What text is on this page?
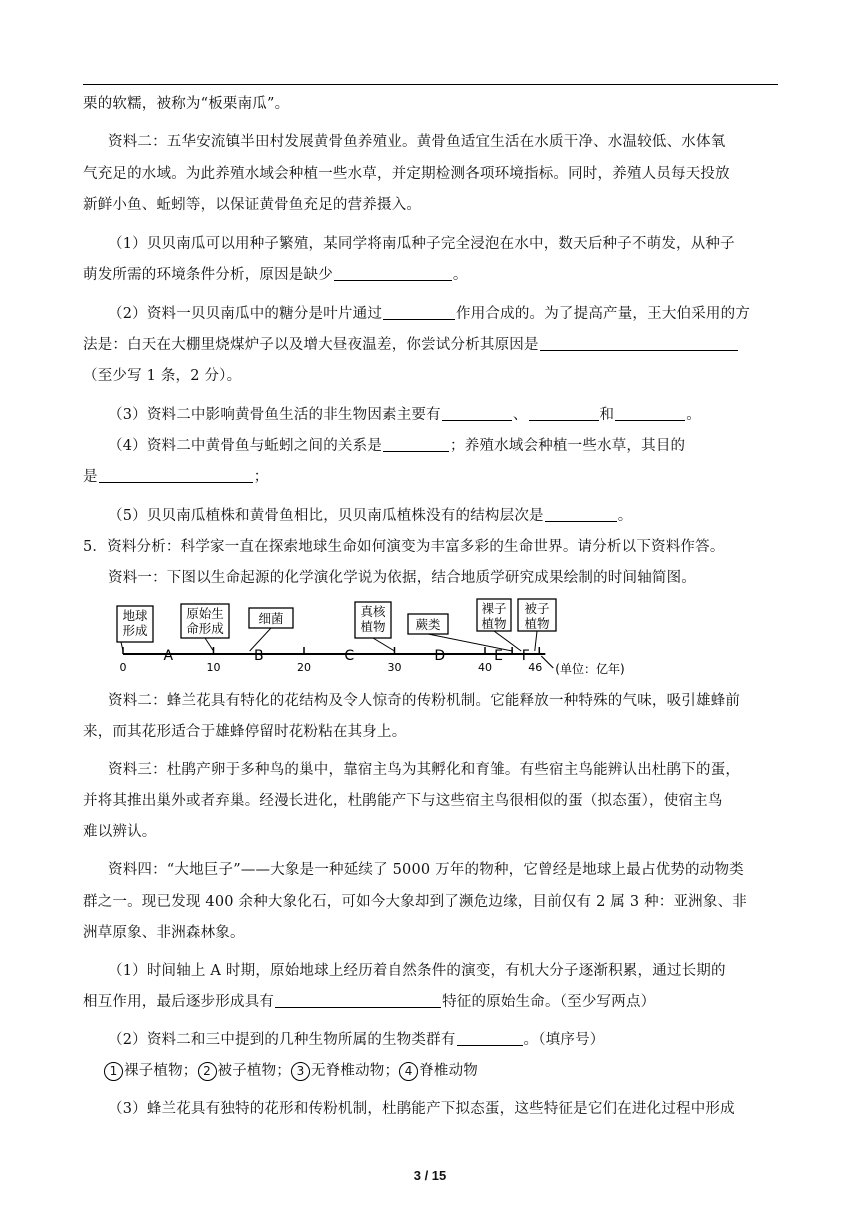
栗的软糯，被称为“板栗南瓜”。
资料二：五华安流镇半田村发展黄骨鱼养殖业。黄骨鱼适宜生活在水质干净、水温较低、水体氧
气充足的水域。为此养殖水域会种植一些水草，并定期检测各项环境指标。同时，养殖人员每天投放
新鲜小鱼、蚯蚓等，以保证黄骨鱼充足的营养摄入。
（1）贝贝南瓜可以用种子繁殖，某同学将南瓜种子完全浸泡在水中，数天后种子不萌发，从种子
萌发所需的环境条件分析，原因是缺少	。
（2）资料一贝贝南瓜中的糖分是叶片通过	作用合成的。为了提高产量，王大伯采用的方
法是：白天在大棚里烧煤炉子以及增大昼夜温差，你尝试分析其原因是
（至少写 1 条，2 分）。
（3）资料二中影响黄骨鱼生活的非生物因素主要有	、	和	。
（4）资料二中黄骨鱼与蚯蚓之间的关系是	；养殖水域会种植一些水草，其目的
是	；
（5）贝贝南瓜植株和黄骨鱼相比，贝贝南瓜植株没有的结构层次是	。
5．资料分析：科学家一直在探索地球生命如何演变为丰富多彩的生命世界。请分析以下资料作答。
资料一：下图以生命起源的化学演化学说为依据，结合地质学研究成果绘制的时间轴简图。
0	10	20	30	40	46
A	B	C	D	E F
(单位：亿年)
地球
形成
原始生
命形成
细菌	真核
植物 蕨类
裸子
植物
被子
植物
资料二：蜂兰花具有特化的花结构及令人惊奇的传粉机制。它能释放一种特殊的气味，吸引雄蜂前
来，而其花形适合于雄蜂停留时花粉粘在其身上。
资料三：杜鹃产卵于多种鸟的巢中，靠宿主鸟为其孵化和育雏。有些宿主鸟能辨认出杜鹃下的蛋，
并将其推出巢外或者弃巢。经漫长进化，杜鹃能产下与这些宿主鸟很相似的蛋（拟态蛋），使宿主鸟
难以辨认。
资料四：“大地巨子”——大象是一种延续了 5000 万年的物种，它曾经是地球上最占优势的动物类
群之一。现已发现 400 余种大象化石，可如今大象却到了濒危边缘，目前仅有 2 属 3 种：亚洲象、非
洲草原象、非洲森林象。
（1）时间轴上 A 时期，原始地球上经历着自然条件的演变，有机大分子逐渐积累，通过长期的
相互作用，最后逐步形成具有	特征的原始生命。（至少写两点）
（2）资料二和三中提到的几种生物所属的生物类群有	。（填序号）
1 裸子植物； 2 被子植物； 3 无脊椎动物； 4 脊椎动物
（3）蜂兰花具有独特的花形和传粉机制，杜鹃能产下拟态蛋，这些特征是它们在进化过程中形成
3 / 15
